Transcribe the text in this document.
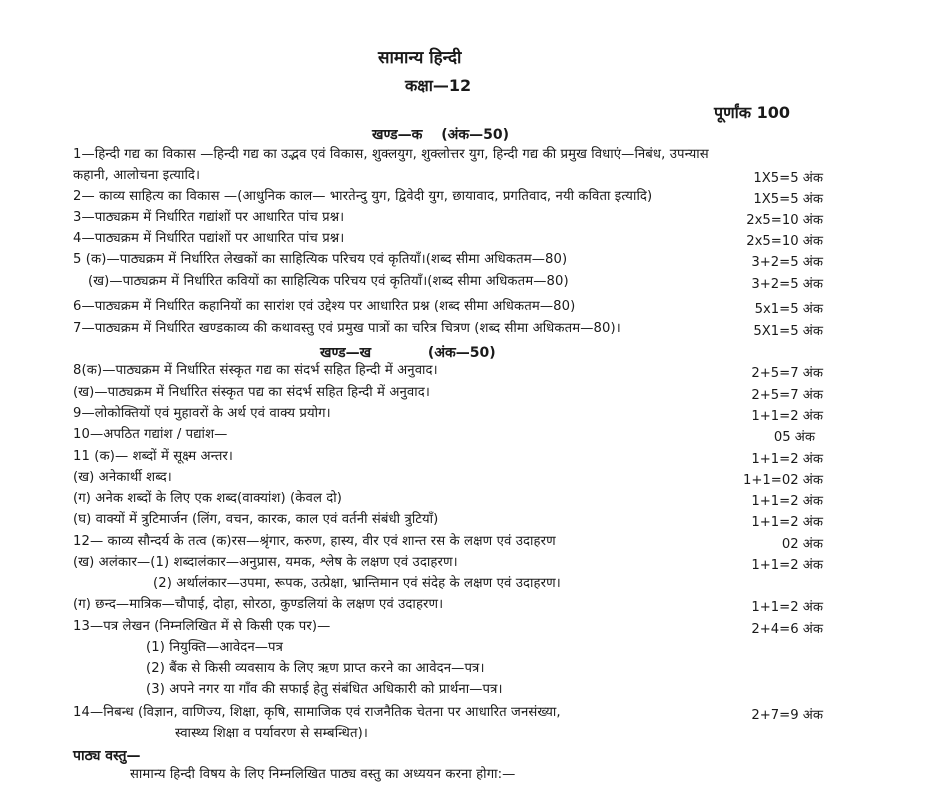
सामान्य हिन्दी
कक्षा—12
पूर्णांक 100
खण्ड—क (अंक—50)
खण्ड—ख	(अंक—50)
1—हिन्दी गद्य का विकास —हिन्दी गद्य का उद्भव एवं विकास, शुक्लयुग, शुक्लोत्तर युग, हिन्दी गद्य की प्रमुख विधाएं—निबंध, उपन्यास
कहानी, आलोचना इत्यादि।	1X5=5 अंक
2— काव्य साहित्य का विकास —(आधुनिक काल— भारतेन्दु युग, द्विवेदी युग, छायावाद, प्रगतिवाद, नयी कविता इत्यादि)	1X5=5 अंक
3—पाठ्यक्रम में निर्धारित गद्यांशों पर आधारित पांच प्रश्न।	2x5=10 अंक
4—पाठ्यक्रम में निर्धारित पद्यांशों पर आधारित पांच प्रश्न।	2x5=10 अंक
5 (क)—पाठ्यक्रम में निर्धारित लेखकों का साहित्यिक परिचय एवं कृतियाँ।(शब्द सीमा अधिकतम—80)	3+2=5 अंक
(ख)—पाठ्यक्रम में निर्धारित कवियों का साहित्यिक परिचय एवं कृतियाँ।(शब्द सीमा अधिकतम—80)	3+2=5 अंक
6—पाठ्यक्रम में निर्धारित कहानियों का सारांश एवं उद्देश्य पर आधारित प्रश्न (शब्द सीमा अधिकतम—80)	5x1=5 अंक
7—पाठ्यक्रम में निर्धारित खण्डकाव्य की कथावस्तु एवं प्रमुख पात्रों का चरित्र चित्रण (शब्द सीमा अधिकतम—80)।	5X1=5 अंक
8(क)—पाठ्यक्रम में निर्धारित संस्कृत गद्य का संदर्भ सहित हिन्दी में अनुवाद।	2+5=7 अंक
(ख)—पाठ्यक्रम में निर्धारित संस्कृत पद्य का संदर्भ सहित हिन्दी में अनुवाद।	2+5=7 अंक
9—लोकोक्तियों एवं मुहावरों के अर्थ एवं वाक्य प्रयोग।	1+1=2 अंक
10—अपठित गद्यांश / पद्यांश—	05 अंक
11 (क)— शब्दों में सूक्ष्म अन्तर।	1+1=2 अंक
(ख) अनेकार्थी शब्द।	1+1=02 अंक
(ग) अनेक शब्दों के लिए एक शब्द(वाक्यांश) (केवल दो)	1+1=2 अंक
(घ) वाक्यों में त्रुटिमार्जन (लिंग, वचन, कारक, काल एवं वर्तनी संबंधी त्रुटियाँ)	1+1=2 अंक
12— काव्य सौन्दर्य के तत्व (क)रस—श्रृंगार, करुण, हास्य, वीर एवं शान्त रस के लक्षण एवं उदाहरण	02 अंक
(ख) अलंकार—(1) शब्दालंकार—अनुप्रास, यमक, श्लेष के लक्षण एवं उदाहरण।	1+1=2 अंक
(2) अर्थालंकार—उपमा, रूपक, उत्प्रेक्षा, भ्रान्तिमान एवं संदेह के लक्षण एवं उदाहरण।
(ग) छन्द—मात्रिक—चौपाई, दोहा, सोरठा, कुण्डलियां के लक्षण एवं उदाहरण।	1+1=2 अंक
13—पत्र लेखन (निम्नलिखित में से किसी एक पर)—	2+4=6 अंक
(1) नियुक्ति—आवेदन—पत्र
(2) बैंक से किसी व्यवसाय के लिए ऋण प्राप्त करने का आवेदन—पत्र।
(3) अपने नगर या गाँव की सफाई हेतु संबंधित अधिकारी को प्रार्थना—पत्र।
14—निबन्ध (विज्ञान, वाणिज्य, शिक्षा, कृषि, सामाजिक एवं राजनैतिक चेतना पर आधारित जनसंख्या,	2+7=9 अंक
स्वास्थ्य शिक्षा व पर्यावरण से सम्बन्धित)।
पाठ्य वस्तु—
सामान्य हिन्दी विषय के लिए निम्नलिखित पाठ्य वस्तु का अध्ययन करना होगा:—
